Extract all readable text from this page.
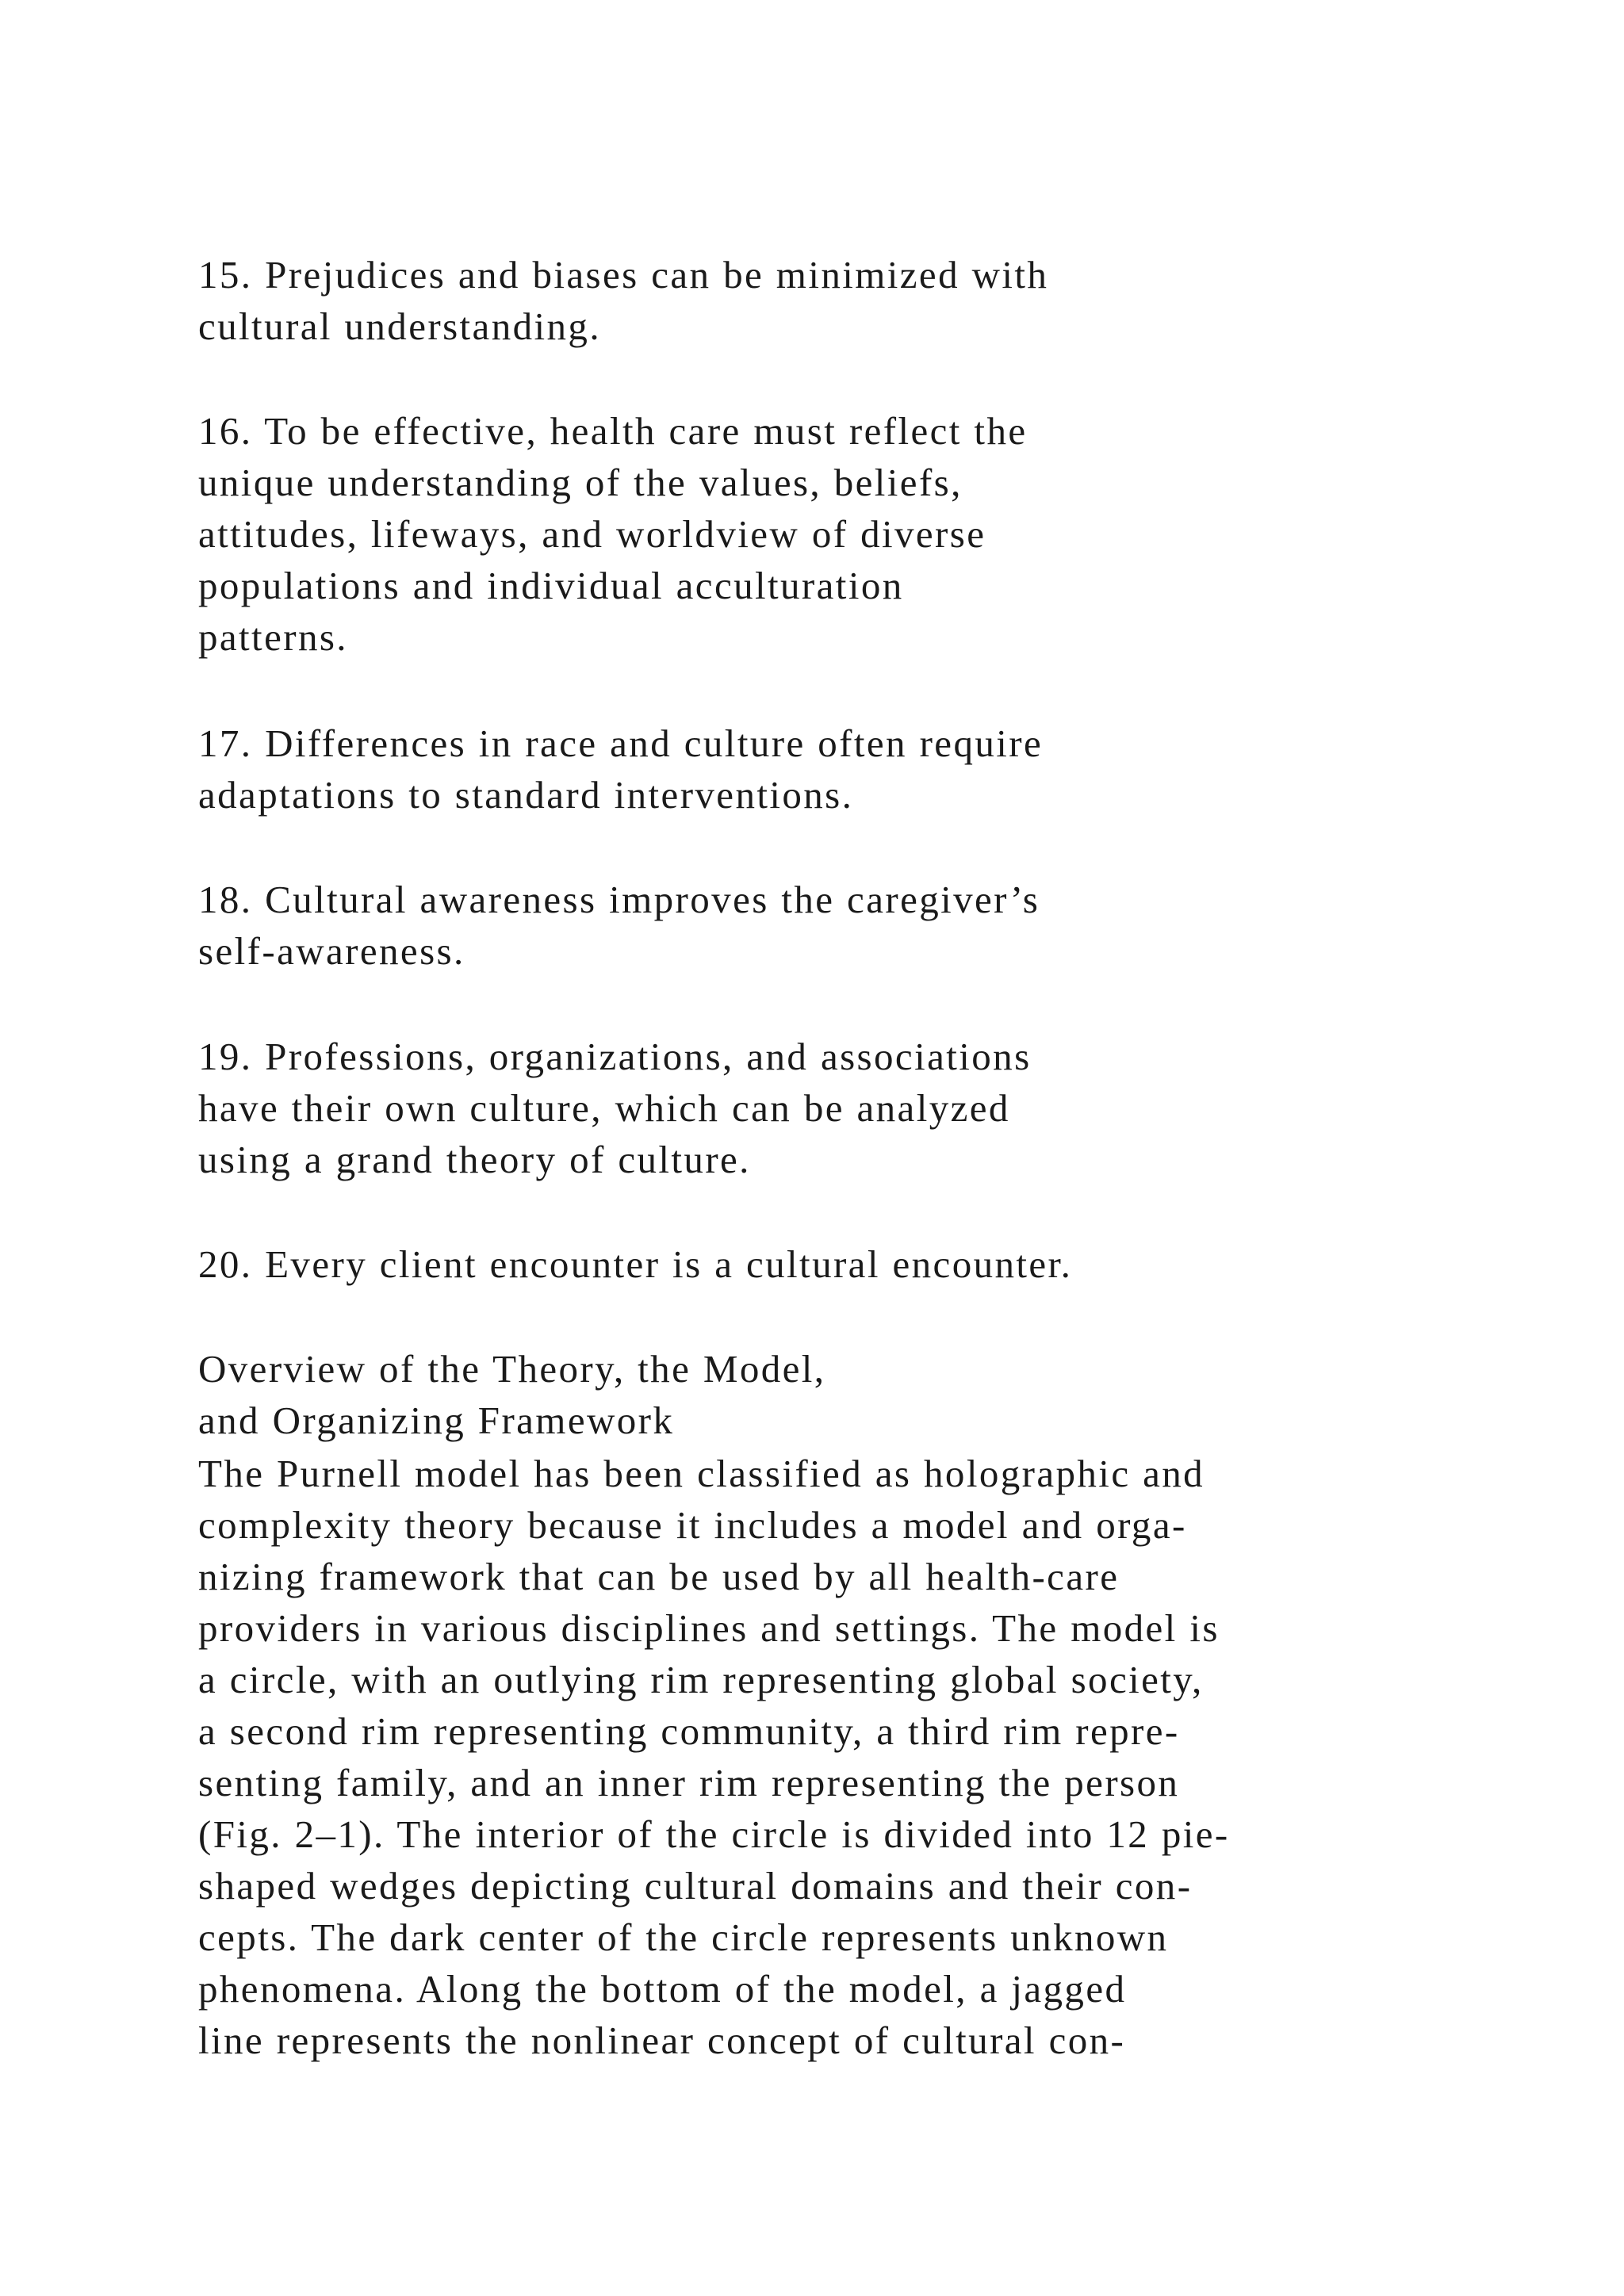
15. Prejudices and biases can be minimized with
cultural understanding.
16. To be effective, health care must reflect the
unique understanding of the values, beliefs,
attitudes, lifeways, and worldview of diverse
populations and individual acculturation
patterns.
17. Differences in race and culture often require
adaptations to standard interventions.
18. Cultural awareness improves the caregiver’s
self-awareness.
19. Professions, organizations, and associations
have their own culture, which can be analyzed
using a grand theory of culture.
20. Every client encounter is a cultural encounter.
Overview of the Theory, the Model,
and Organizing Framework
The Purnell model has been classified as holographic and
complexity theory because it includes a model and orga-
nizing framework that can be used by all health-care
providers in various disciplines and settings. The model is
a circle, with an outlying rim representing global society,
a second rim representing community, a third rim repre-
senting family, and an inner rim representing the person
(Fig. 2–1). The interior of the circle is divided into 12 pie-
shaped wedges depicting cultural domains and their con-
cepts. The dark center of the circle represents unknown
phenomena. Along the bottom of the model, a jagged
line represents the nonlinear concept of cultural con-
